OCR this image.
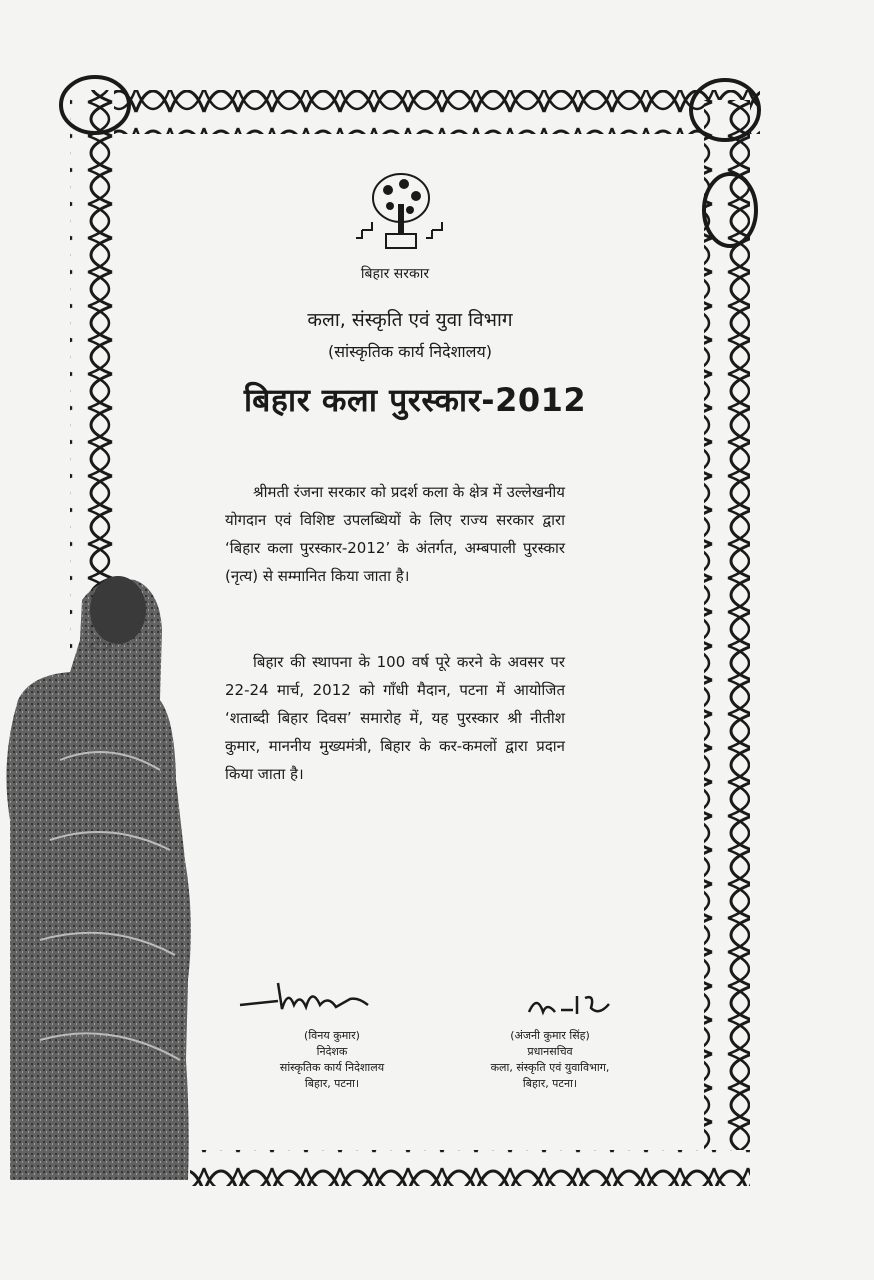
बिहार सरकार
कला, संस्कृति एवं युवा विभाग
(सांस्कृतिक कार्य निदेशालय)
बिहार कला पुरस्कार-2012
श्रीमती रंजना सरकार को प्रदर्श कला के क्षेत्र में उल्लेखनीय योगदान एवं विशिष्ट उपलब्धियों के लिए राज्य सरकार द्वारा ‘बिहार कला पुरस्कार-2012’ के अंतर्गत, अम्बपाली पुरस्कार (नृत्य) से सम्मानित किया जाता है।
बिहार की स्थापना के 100 वर्ष पूरे करने के अवसर पर 22-24 मार्च, 2012 को गाँधी मैदान, पटना में आयोजित ‘शताब्दी बिहार दिवस’ समारोह में, यह पुरस्कार श्री नीतीश कुमार, माननीय मुख्यमंत्री, बिहार के कर-कमलों द्वारा प्रदान किया जाता है।
(विनय कुमार)
निदेशक
सांस्कृतिक कार्य निदेशालय
बिहार, पटना।
(अंजनी कुमार सिंह)
प्रधानसचिव
कला, संस्कृति एवं युवाविभाग,
बिहार, पटना।
